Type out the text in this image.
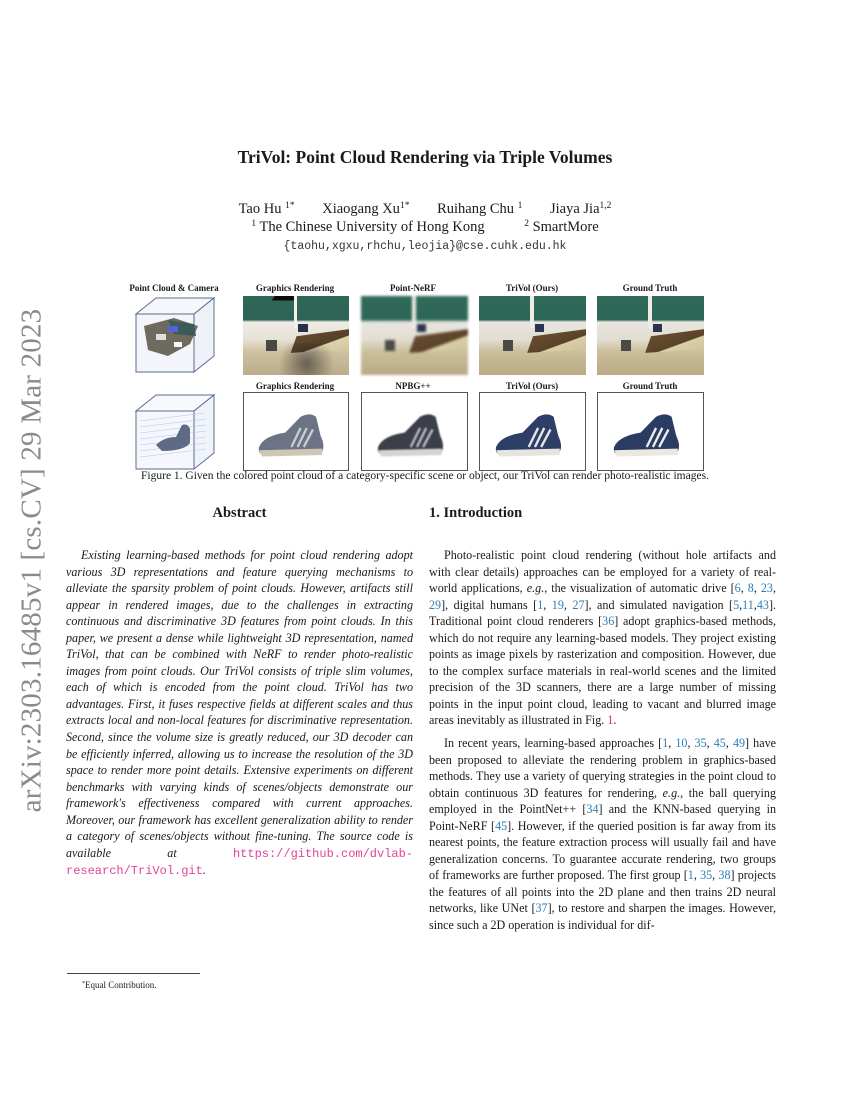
arXiv:2303.16485v1 [cs.CV] 29 Mar 2023
TriVol: Point Cloud Rendering via Triple Volumes
Tao Hu $^{1*}$ Xiaogang $Xu^{1*}$ Ruihang Chu $^1$ Jiaya Jia$^{1,2}$
$^1$ The Chinese University of Hong Kong	$^2$ SmartMore
{taohu,xgxu,rhchu,leojia}@cse.cuhk.edu.hk
Point Cloud & Camera	Graphics Rendering	Point-NeRF	TriVol (Ours)	Ground Truth
Graphics Rendering	NPBG++	TriVol (Ours)	Ground Truth
Figure 1. Given the colored point cloud of a category-specific scene or object, our TriVol can render photo-realistic images.
Abstract

Existing learning-based methods for point cloud rendering adopt various 3D representations and feature querying mechanisms to alleviate the sparsity problem of point clouds. However, artifacts still appear in rendered images, due to the challenges in extracting continuous and discriminative 3D features from point clouds. In this paper, we present a dense while lightweight 3D representation, named TriVol, that can be combined with NeRF to render photo-realistic images from point clouds. Our TriVol consists of triple slim volumes, each of which is encoded from the point cloud. TriVol has two advantages. First, it fuses respective fields at different scales and thus extracts local and non-local features for discriminative representation. Second, since the volume size is greatly reduced, our 3D decoder can be efficiently inferred, allowing us to increase the resolution of the 3D space to render more point details. Extensive experiments on different benchmarks with varying kinds of scenes/objects demonstrate our framework's effectiveness compared with current approaches. Moreover, our framework has excellent generalization ability to render a category of scenes/objects without fine-tuning. The source code is available at https://github.com/dvlab-research/TriVol.git.

1. Introduction

Photo-realistic point cloud rendering (without hole artifacts and with clear details) approaches can be employed for a variety of real-world applications, e.g., the visualization of automatic drive [6, 8, 23, 29], digital humans [1, 19, 27], and simulated navigation [5,11,43]. Traditional point cloud renderers [36] adopt graphics-based methods, which do not require any learning-based models. They project existing points as image pixels by rasterization and composition. However, due to the complex surface materials in real-world scenes and the limited precision of the 3D scanners, there are a large number of missing points in the input point cloud, leading to vacant and blurred image areas inevitably as illustrated in Fig. 1.

In recent years, learning-based approaches [1, 10, 35, 45, 49] have been proposed to alleviate the rendering problem in graphics-based methods. They use a variety of querying strategies in the point cloud to obtain continuous 3D features for rendering, e.g., the ball querying employed in the PointNet++ [34] and the KNN-based querying in Point-NeRF [45]. However, if the queried position is far away from its nearest points, the feature extraction process will usually fail and have generalization concerns. To guarantee accurate rendering, two groups of frameworks are further proposed. The first group [1, 35, 38] projects the features of all points into the 2D plane and then trains 2D neural networks, like UNet [37], to restore and sharpen the images. However, since such a 2D operation is individual for dif-

*Equal Contribution.
